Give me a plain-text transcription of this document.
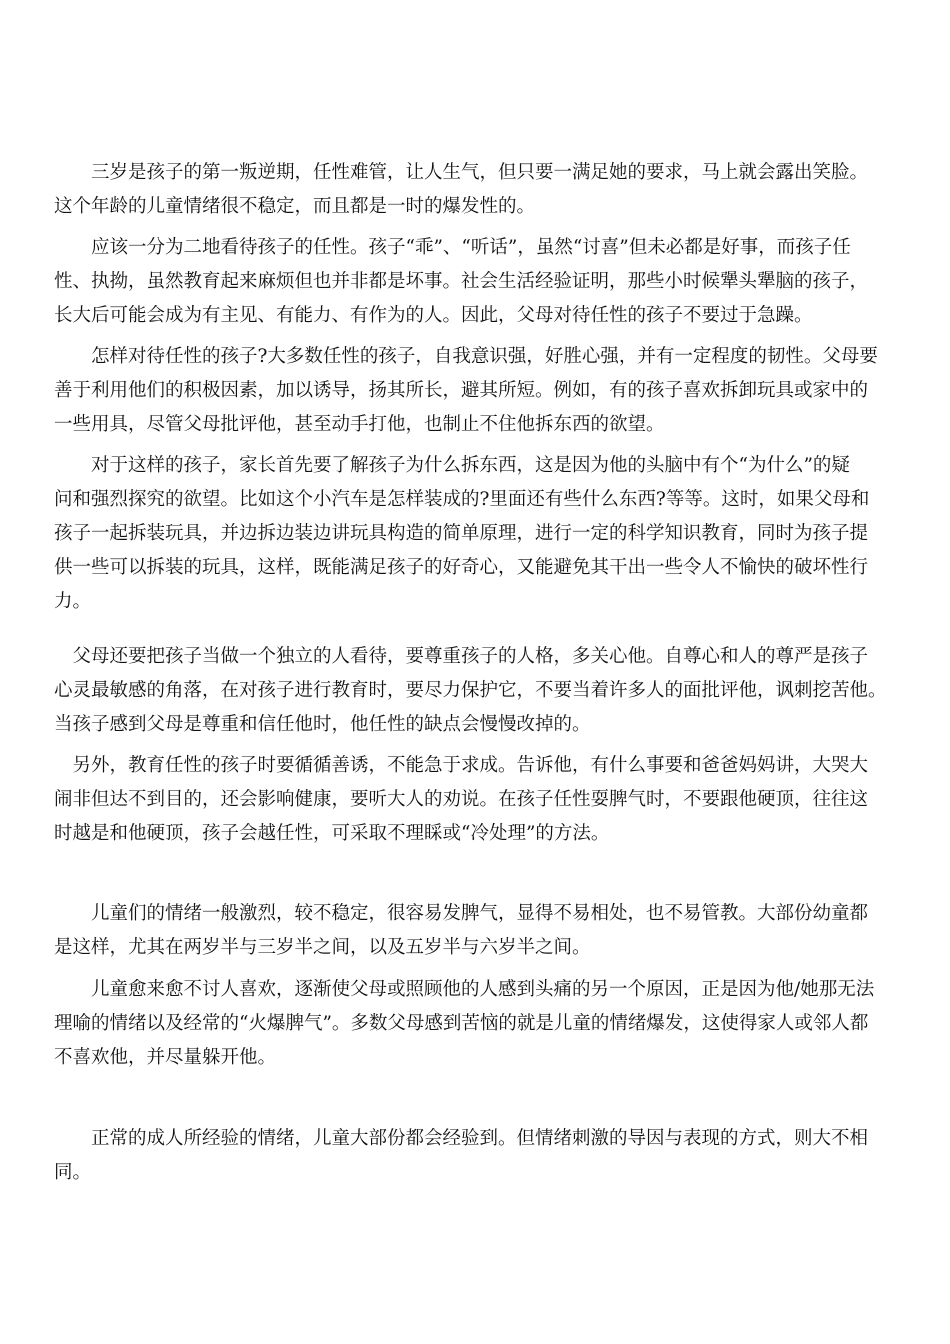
　　三岁是孩子的第一叛逆期，任性难管，让人生气，但只要一满足她的要求，马上就会露出笑脸。
这个年龄的儿童情绪很不稳定，而且都是一时的爆发性的。

　　应该一分为二地看待孩子的任性。孩子“乖”、“听话”，虽然“讨喜”但未必都是好事，而孩子任
性、执拗，虽然教育起来麻烦但也并非都是坏事。社会生活经验证明，那些小时候犟头犟脑的孩子，
长大后可能会成为有主见、有能力、有作为的人。因此，父母对待任性的孩子不要过于急躁。

　　怎样对待任性的孩子?大多数任性的孩子，自我意识强，好胜心强，并有一定程度的韧性。父母要
善于利用他们的积极因素，加以诱导，扬其所长，避其所短。例如，有的孩子喜欢拆卸玩具或家中的
一些用具，尽管父母批评他，甚至动手打他，也制止不住他拆东西的欲望。

　　对于这样的孩子，家长首先要了解孩子为什么拆东西，这是因为他的头脑中有个“为什么”的疑
问和强烈探究的欲望。比如这个小汽车是怎样装成的?里面还有些什么东西?等等。这时，如果父母和
孩子一起拆装玩具，并边拆边装边讲玩具构造的简单原理，进行一定的科学知识教育，同时为孩子提
供一些可以拆装的玩具，这样，既能满足孩子的好奇心，又能避免其干出一些令人不愉快的破坏性行
力。

　父母还要把孩子当做一个独立的人看待，要尊重孩子的人格，多关心他。自尊心和人的尊严是孩子
心灵最敏感的角落，在对孩子进行教育时，要尽力保护它，不要当着许多人的面批评他，讽刺挖苦他。
当孩子感到父母是尊重和信任他时，他任性的缺点会慢慢改掉的。

　另外，教育任性的孩子时要循循善诱，不能急于求成。告诉他，有什么事要和爸爸妈妈讲，大哭大
闹非但达不到目的，还会影响健康，要听大人的劝说。在孩子任性耍脾气时，不要跟他硬顶，往往这
时越是和他硬顶，孩子会越任性，可采取不理睬或“冷处理”的方法。

　　儿童们的情绪一般激烈，较不稳定，很容易发脾气，显得不易相处，也不易管教。大部份幼童都
是这样，尤其在两岁半与三岁半之间，以及五岁半与六岁半之间。

　　儿童愈来愈不讨人喜欢，逐渐使父母或照顾他的人感到头痛的另一个原因，正是因为他/她那无法
理喻的情绪以及经常的“火爆脾气”。多数父母感到苦恼的就是儿童的情绪爆发，这使得家人或邻人都
不喜欢他，并尽量躲开他。

　　正常的成人所经验的情绪，儿童大部份都会经验到。但情绪刺激的导因与表现的方式，则大不相
同。
